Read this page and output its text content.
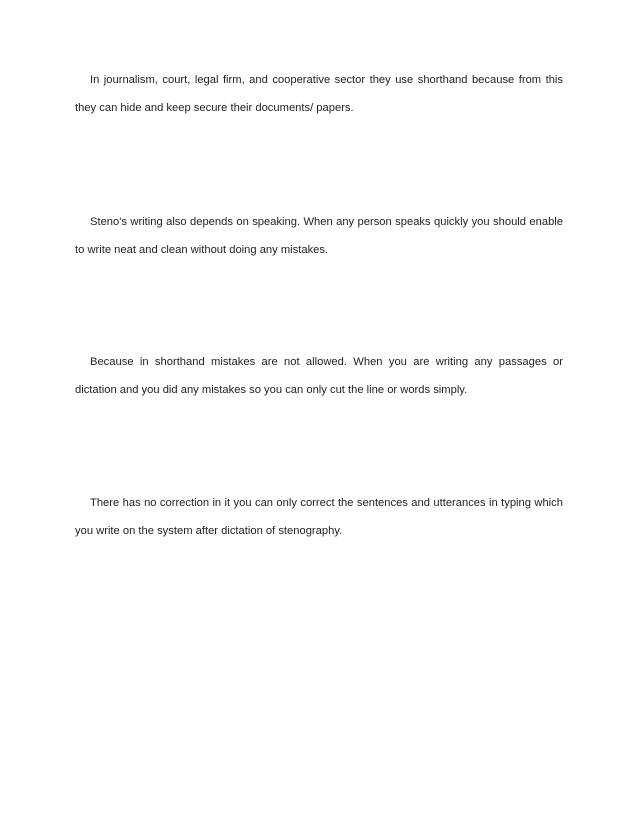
In journalism, court, legal firm, and cooperative sector they use shorthand because from this they can hide and keep secure their documents/ papers.

Steno's writing also depends on speaking. When any person speaks quickly you should enable to write neat and clean without doing any mistakes.

Because in shorthand mistakes are not allowed. When you are writing any passages or dictation and you did any mistakes so you can only cut the line or words simply.

There has no correction in it you can only correct the sentences and utterances in typing which you write on the system after dictation of stenography.
